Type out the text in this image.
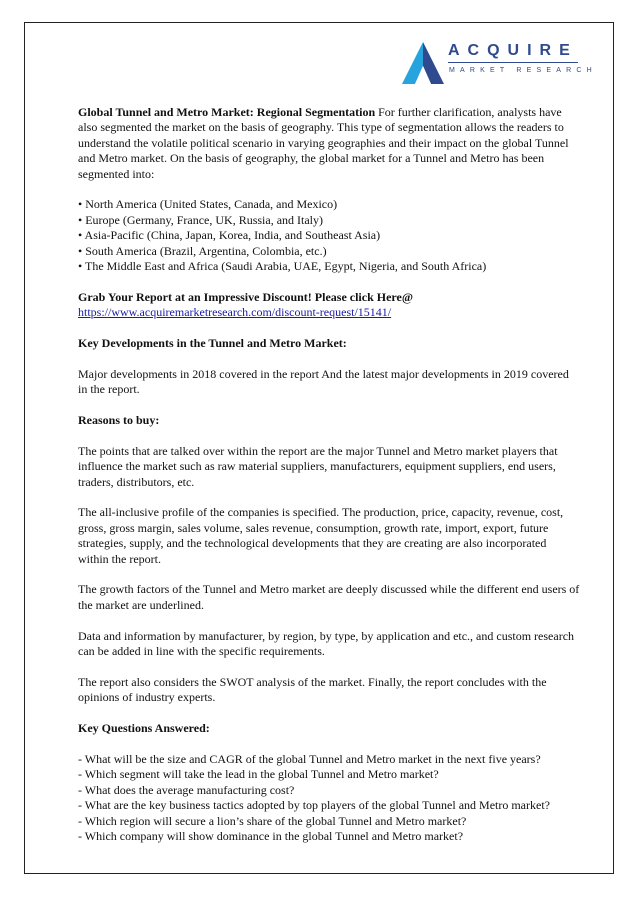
ACQUIRE
MARKET RESEARCH

Global Tunnel and Metro Market: Regional Segmentation For further clarification, analysts have also segmented the market on the basis of geography. This type of segmentation allows the readers to understand the volatile political scenario in varying geographies and their impact on the global Tunnel and Metro market. On the basis of geography, the global market for a Tunnel and Metro has been segmented into:

• North America (United States, Canada, and Mexico)
• Europe (Germany, France, UK, Russia, and Italy)
• Asia-Pacific (China, Japan, Korea, India, and Southeast Asia)
• South America (Brazil, Argentina, Colombia, etc.)
• The Middle East and Africa (Saudi Arabia, UAE, Egypt, Nigeria, and South Africa)

Grab Your Report at an Impressive Discount! Please click Here@
https://www.acquiremarketresearch.com/discount-request/15141/

Key Developments in the Tunnel and Metro Market:

Major developments in 2018 covered in the report And the latest major developments in 2019 covered in the report.

Reasons to buy:

The points that are talked over within the report are the major Tunnel and Metro market players that influence the market such as raw material suppliers, manufacturers, equipment suppliers, end users, traders, distributors, etc.

The all-inclusive profile of the companies is specified. The production, price, capacity, revenue, cost, gross, gross margin, sales volume, sales revenue, consumption, growth rate, import, export, future strategies, supply, and the technological developments that they are creating are also incorporated within the report.

The growth factors of the Tunnel and Metro market are deeply discussed while the different end users of the market are underlined.

Data and information by manufacturer, by region, by type, by application and etc., and custom research can be added in line with the specific requirements.

The report also considers the SWOT analysis of the market. Finally, the report concludes with the opinions of industry experts.

Key Questions Answered:

- What will be the size and CAGR of the global Tunnel and Metro market in the next five years?
- Which segment will take the lead in the global Tunnel and Metro market?
- What does the average manufacturing cost?
- What are the key business tactics adopted by top players of the global Tunnel and Metro market?
- Which region will secure a lion’s share of the global Tunnel and Metro market?
- Which company will show dominance in the global Tunnel and Metro market?
